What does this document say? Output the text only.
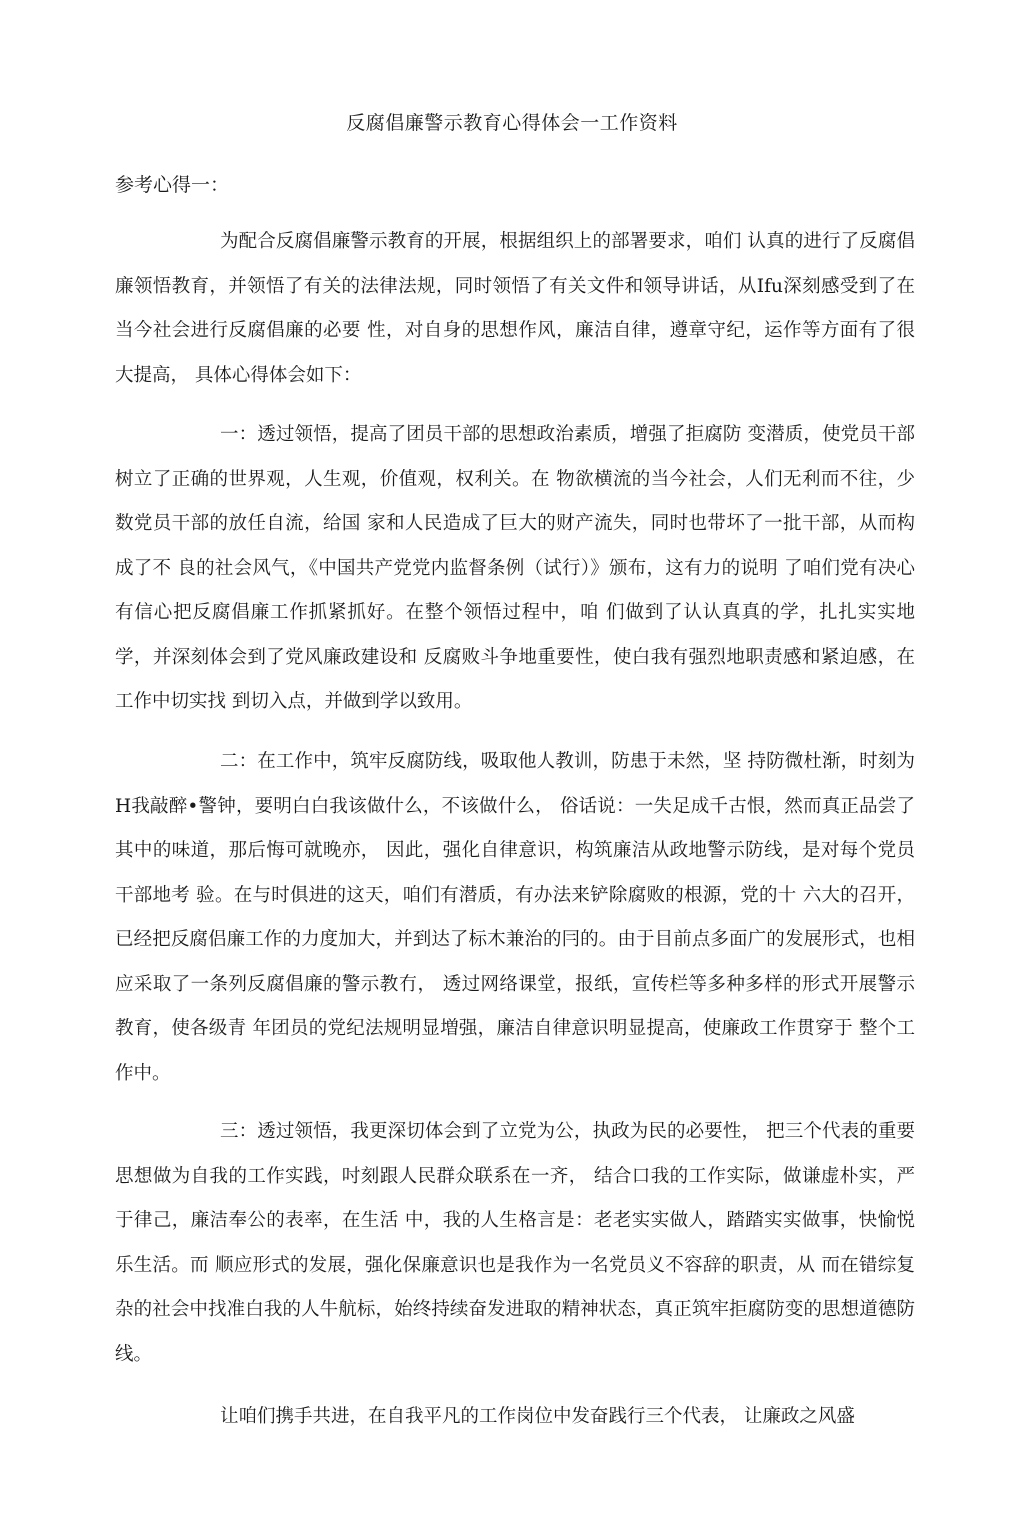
反腐倡廉警示教育心得体会一工作资料
参考心得一：

为配合反腐倡廉警示教育的开展，根据组织上的部署要求，咱们 认真的进行了反腐倡廉领悟教育，并领悟了有关的法律法规，同时领悟了有关文件和领导讲话，从Ifu深刻感受到了在当今社会进行反腐倡廉的必要 性，对自身的思想作风，廉洁自律，遵章守纪，运作等方面有了很大提高， 具体心得体会如下：

一：透过领悟，提高了团员干部的思想政治素质，增强了拒腐防 变潜质，使党员干部树立了正确的世界观，人生观，价值观，权利关。在 物欲横流的当今社会，人们无利而不往，少数党员干部的放任自流，给国 家和人民造成了巨大的财产流失，同时也带坏了一批干部，从而构成了不 良的社会风气，《中国共产党党内监督条例（试行）》颁布，这有力的说明 了咱们党有决心有信心把反腐倡廉工作抓紧抓好。在整个领悟过程中，咱 们做到了认认真真的学，扎扎实实地学，并深刻体会到了党风廉政建设和 反腐败斗争地重要性，使白我有强烈地职责感和紧迫感，在工作中切实找 到切入点，并做到学以致用。

二：在工作中，筑牢反腐防线，吸取他人教训，防患于未然，坚 持防微杜渐，时刻为H我敲醉•警钟，要明白白我该做什么，不该做什么， 俗话说：一失足成千古恨，然而真正品尝了其中的味道，那后悔可就晚亦， 因此，强化自律意识，构筑廉洁从政地警示防线，是对每个党员干部地考 验。在与时俱进的这天，咱们有潜质，有办法来铲除腐败的根源，党的十 六大的召开，已经把反腐侣廉工作的力度加大，并到达了标木兼治的冃的。由于目前点多面广的发展形式，也相应采取了一条列反腐倡廉的警示教冇， 透过网络课堂，报纸，宣传栏等多种多样的形式开展警示教育，使各级青 年团员的党纪法规明显増强，廉洁自律意识明显提高，使廉政工作贯穿于 整个工作中。

三：透过领悟，我更深切体会到了立党为公，执政为民的必要性， 把三个代表的重要思想做为自我的工作实践，吋刻跟人民群众联系在一齐， 结合口我的工作实际，做谦虚朴实，严于律己，廉洁奉公的表率，在生活 中，我的人生格言是：老老实实做人，踏踏实实做事，快愉悦乐生活。而 顺应形式的发展，强化保廉意识也是我作为一名党员义不容辞的职责，从 而在错综复杂的社会中找准白我的人牛航标，始终持续奋发进取的精神状态，真正筑牢拒腐防变的思想道德防线。

让咱们携手共进，在自我平凡的工作岗位中发奋践行三个代表， 让廉政之风盛
